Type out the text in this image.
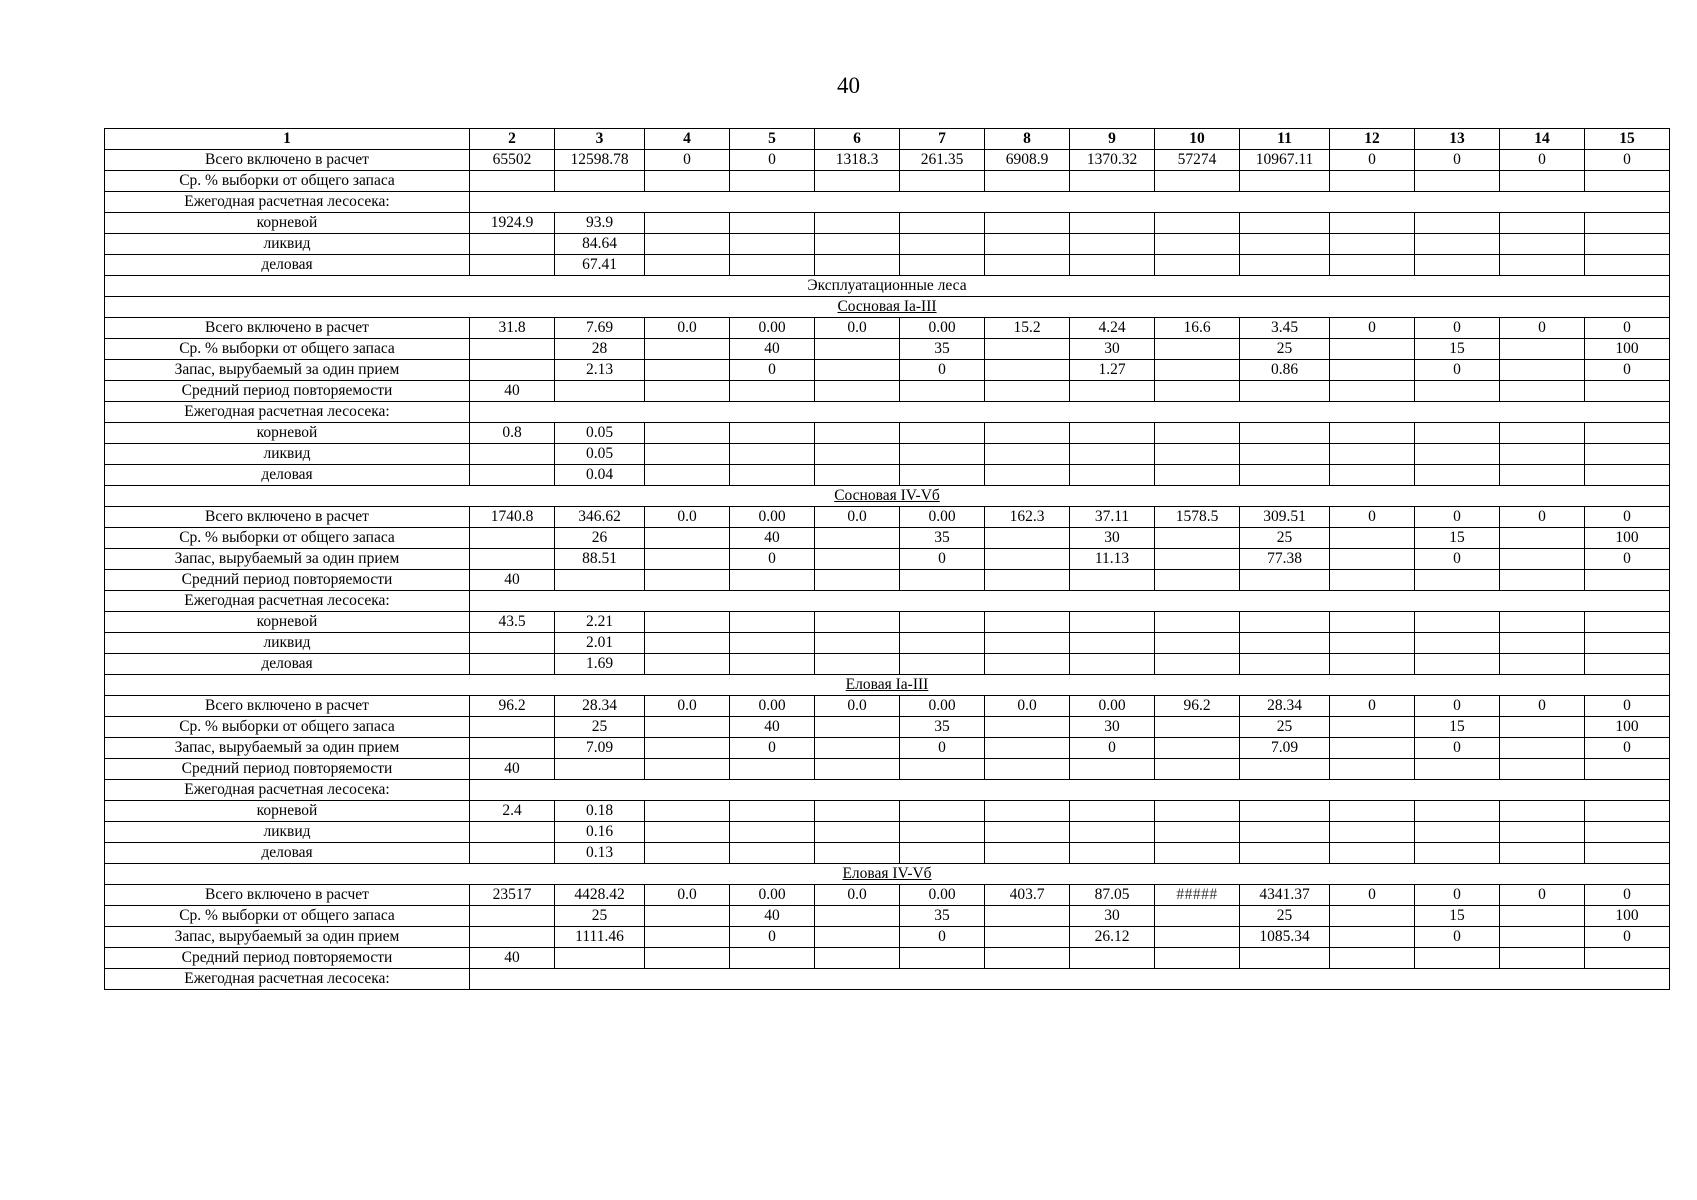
40
1	2	3	4	5	6	7	8	9	10	11	12	13	14	15
Всего включено в расчет	65502	12598.78	0	0	1318.3	261.35	6908.9	1370.32	57274	10967.11	0	0	0	0
Ср. % выборки от общего запаса														
Ежегодная расчетная лесосека:														
корневой	1924.9	93.9												
ликвид		84.64												
деловая		67.41												
Эксплуатационные леса														
Сосновая Iа-III														
Всего включено в расчет	31.8	7.69	0.0	0.00	0.0	0.00	15.2	4.24	16.6	3.45	0	0	0	0
Ср. % выборки от общего запаса		28		40		35		30		25		15		100
Запас, вырубаемый за один прием		2.13		0		0		1.27		0.86		0		0
Средний период повторяемости	40													
Ежегодная расчетная лесосека:														
корневой	0.8	0.05												
ликвид		0.05												
деловая		0.04												
Сосновая IV-Vб														
Всего включено в расчет	1740.8	346.62	0.0	0.00	0.0	0.00	162.3	37.11	1578.5	309.51	0	0	0	0
Ср. % выборки от общего запаса		26		40		35		30		25		15		100
Запас, вырубаемый за один прием		88.51		0		0		11.13		77.38		0		0
Средний период повторяемости	40													
Ежегодная расчетная лесосека:														
корневой	43.5	2.21												
ликвид		2.01												
деловая		1.69												
Еловая Iа-III														
Всего включено в расчет	96.2	28.34	0.0	0.00	0.0	0.00	0.0	0.00	96.2	28.34	0	0	0	0
Ср. % выборки от общего запаса		25		40		35		30		25		15		100
Запас, вырубаемый за один прием		7.09		0		0		0		7.09		0		0
Средний период повторяемости	40													
Ежегодная расчетная лесосека:														
корневой	2.4	0.18												
ликвид		0.16												
деловая		0.13												
Еловая IV-Vб														
Всего включено в расчет	23517	4428.42	0.0	0.00	0.0	0.00	403.7	87.05	#####	4341.37	0	0	0	0
Ср. % выборки от общего запаса		25		40		35		30		25		15		100
Запас, вырубаемый за один прием		1111.46		0		0		26.12		1085.34		0		0
Средний период повторяемости	40													
Ежегодная расчетная лесосека:														
